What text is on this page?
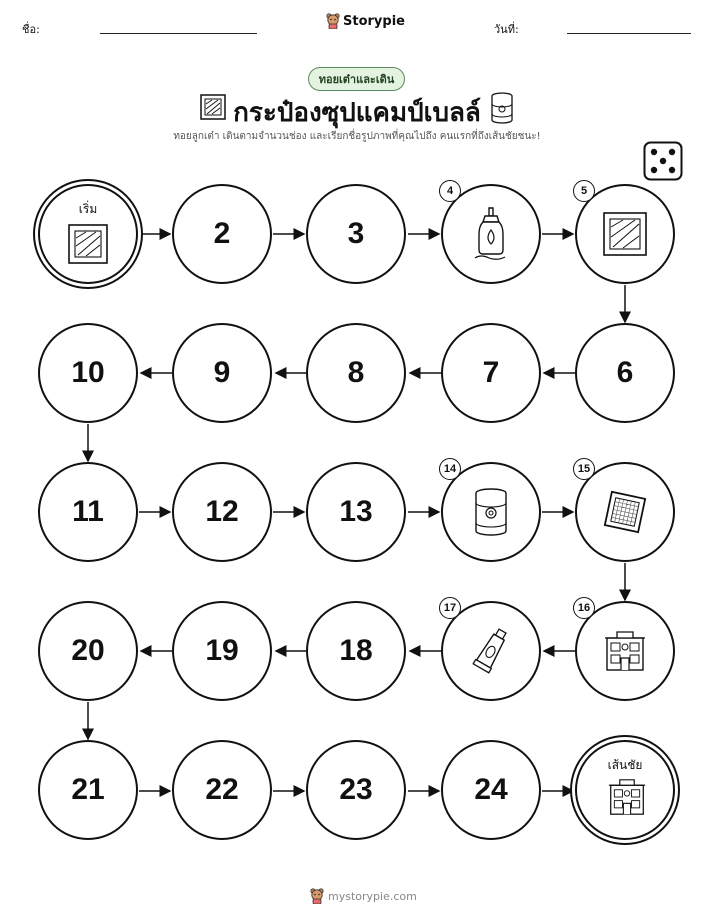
ชื่อ:
Storypie
วันที่:
ทอยเต๋าและเดิน
กระป๋องซุปแคมป์เบลล์
ทอยลูกเต๋า เดินตามจำนวนช่อง และเรียกชื่อรูปภาพที่คุณไปถึง คนแรกที่ถึงเส้นชัยชนะ!
เริ่ม
2	3
4	5
10	9	8	7	6
11	12	13
14	15
20	19	18
17	16
21	22	23	24
เส้นชัย
mystorypie.com
